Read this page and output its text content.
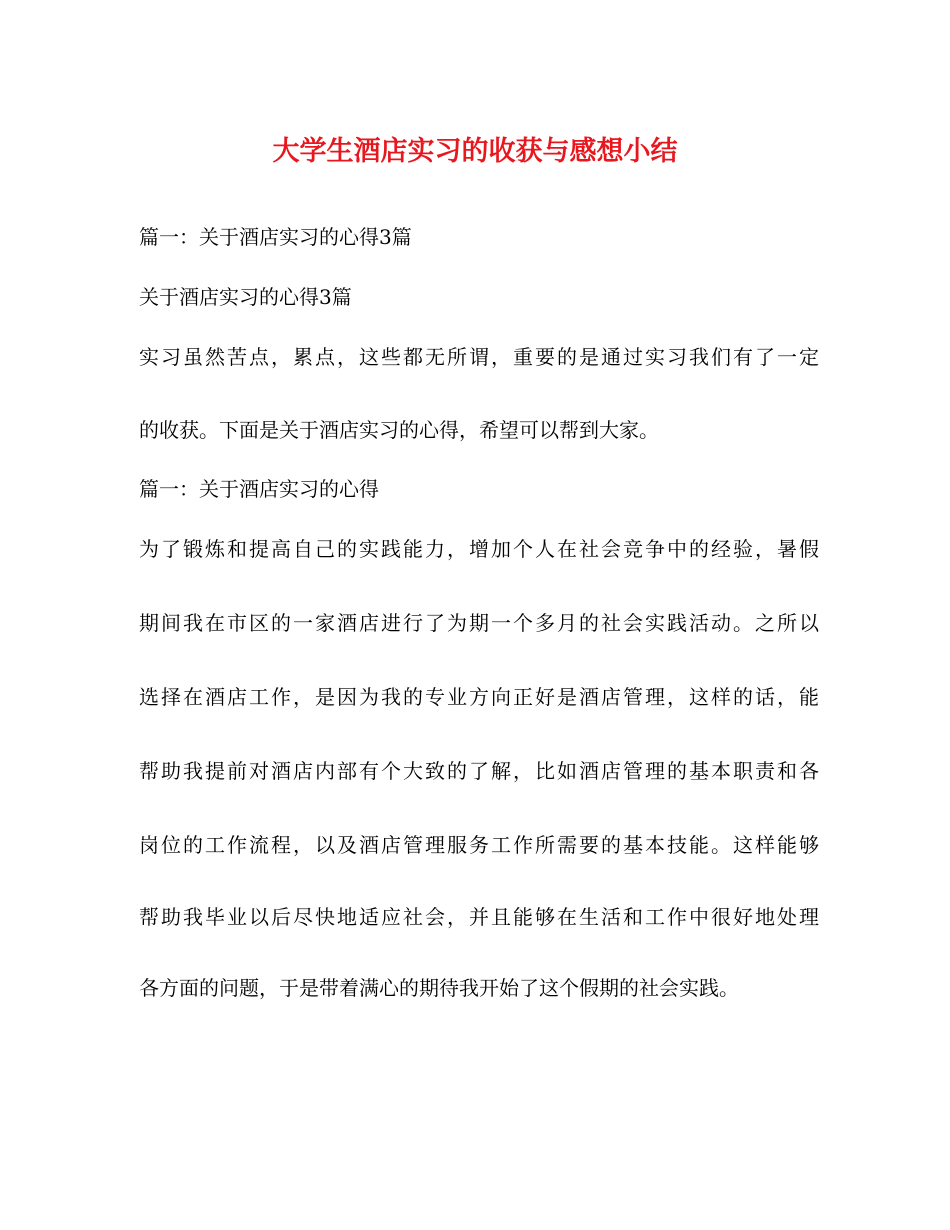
大学生酒店实习的收获与感想小结
篇一：关于酒店实习的心得3篇
关于酒店实习的心得3篇
实习虽然苦点，累点，这些都无所谓，重要的是通过实习我们有了一定
的收获。下面是关于酒店实习的心得，希望可以帮到大家。
篇一：关于酒店实习的心得
为了锻炼和提高自己的实践能力，增加个人在社会竞争中的经验，暑假
期间我在市区的一家酒店进行了为期一个多月的社会实践活动。之所以
选择在酒店工作，是因为我的专业方向正好是酒店管理，这样的话，能
帮助我提前对酒店内部有个大致的了解，比如酒店管理的基本职责和各
岗位的工作流程，以及酒店管理服务工作所需要的基本技能。这样能够
帮助我毕业以后尽快地适应社会，并且能够在生活和工作中很好地处理
各方面的问题，于是带着满心的期待我开始了这个假期的社会实践。
